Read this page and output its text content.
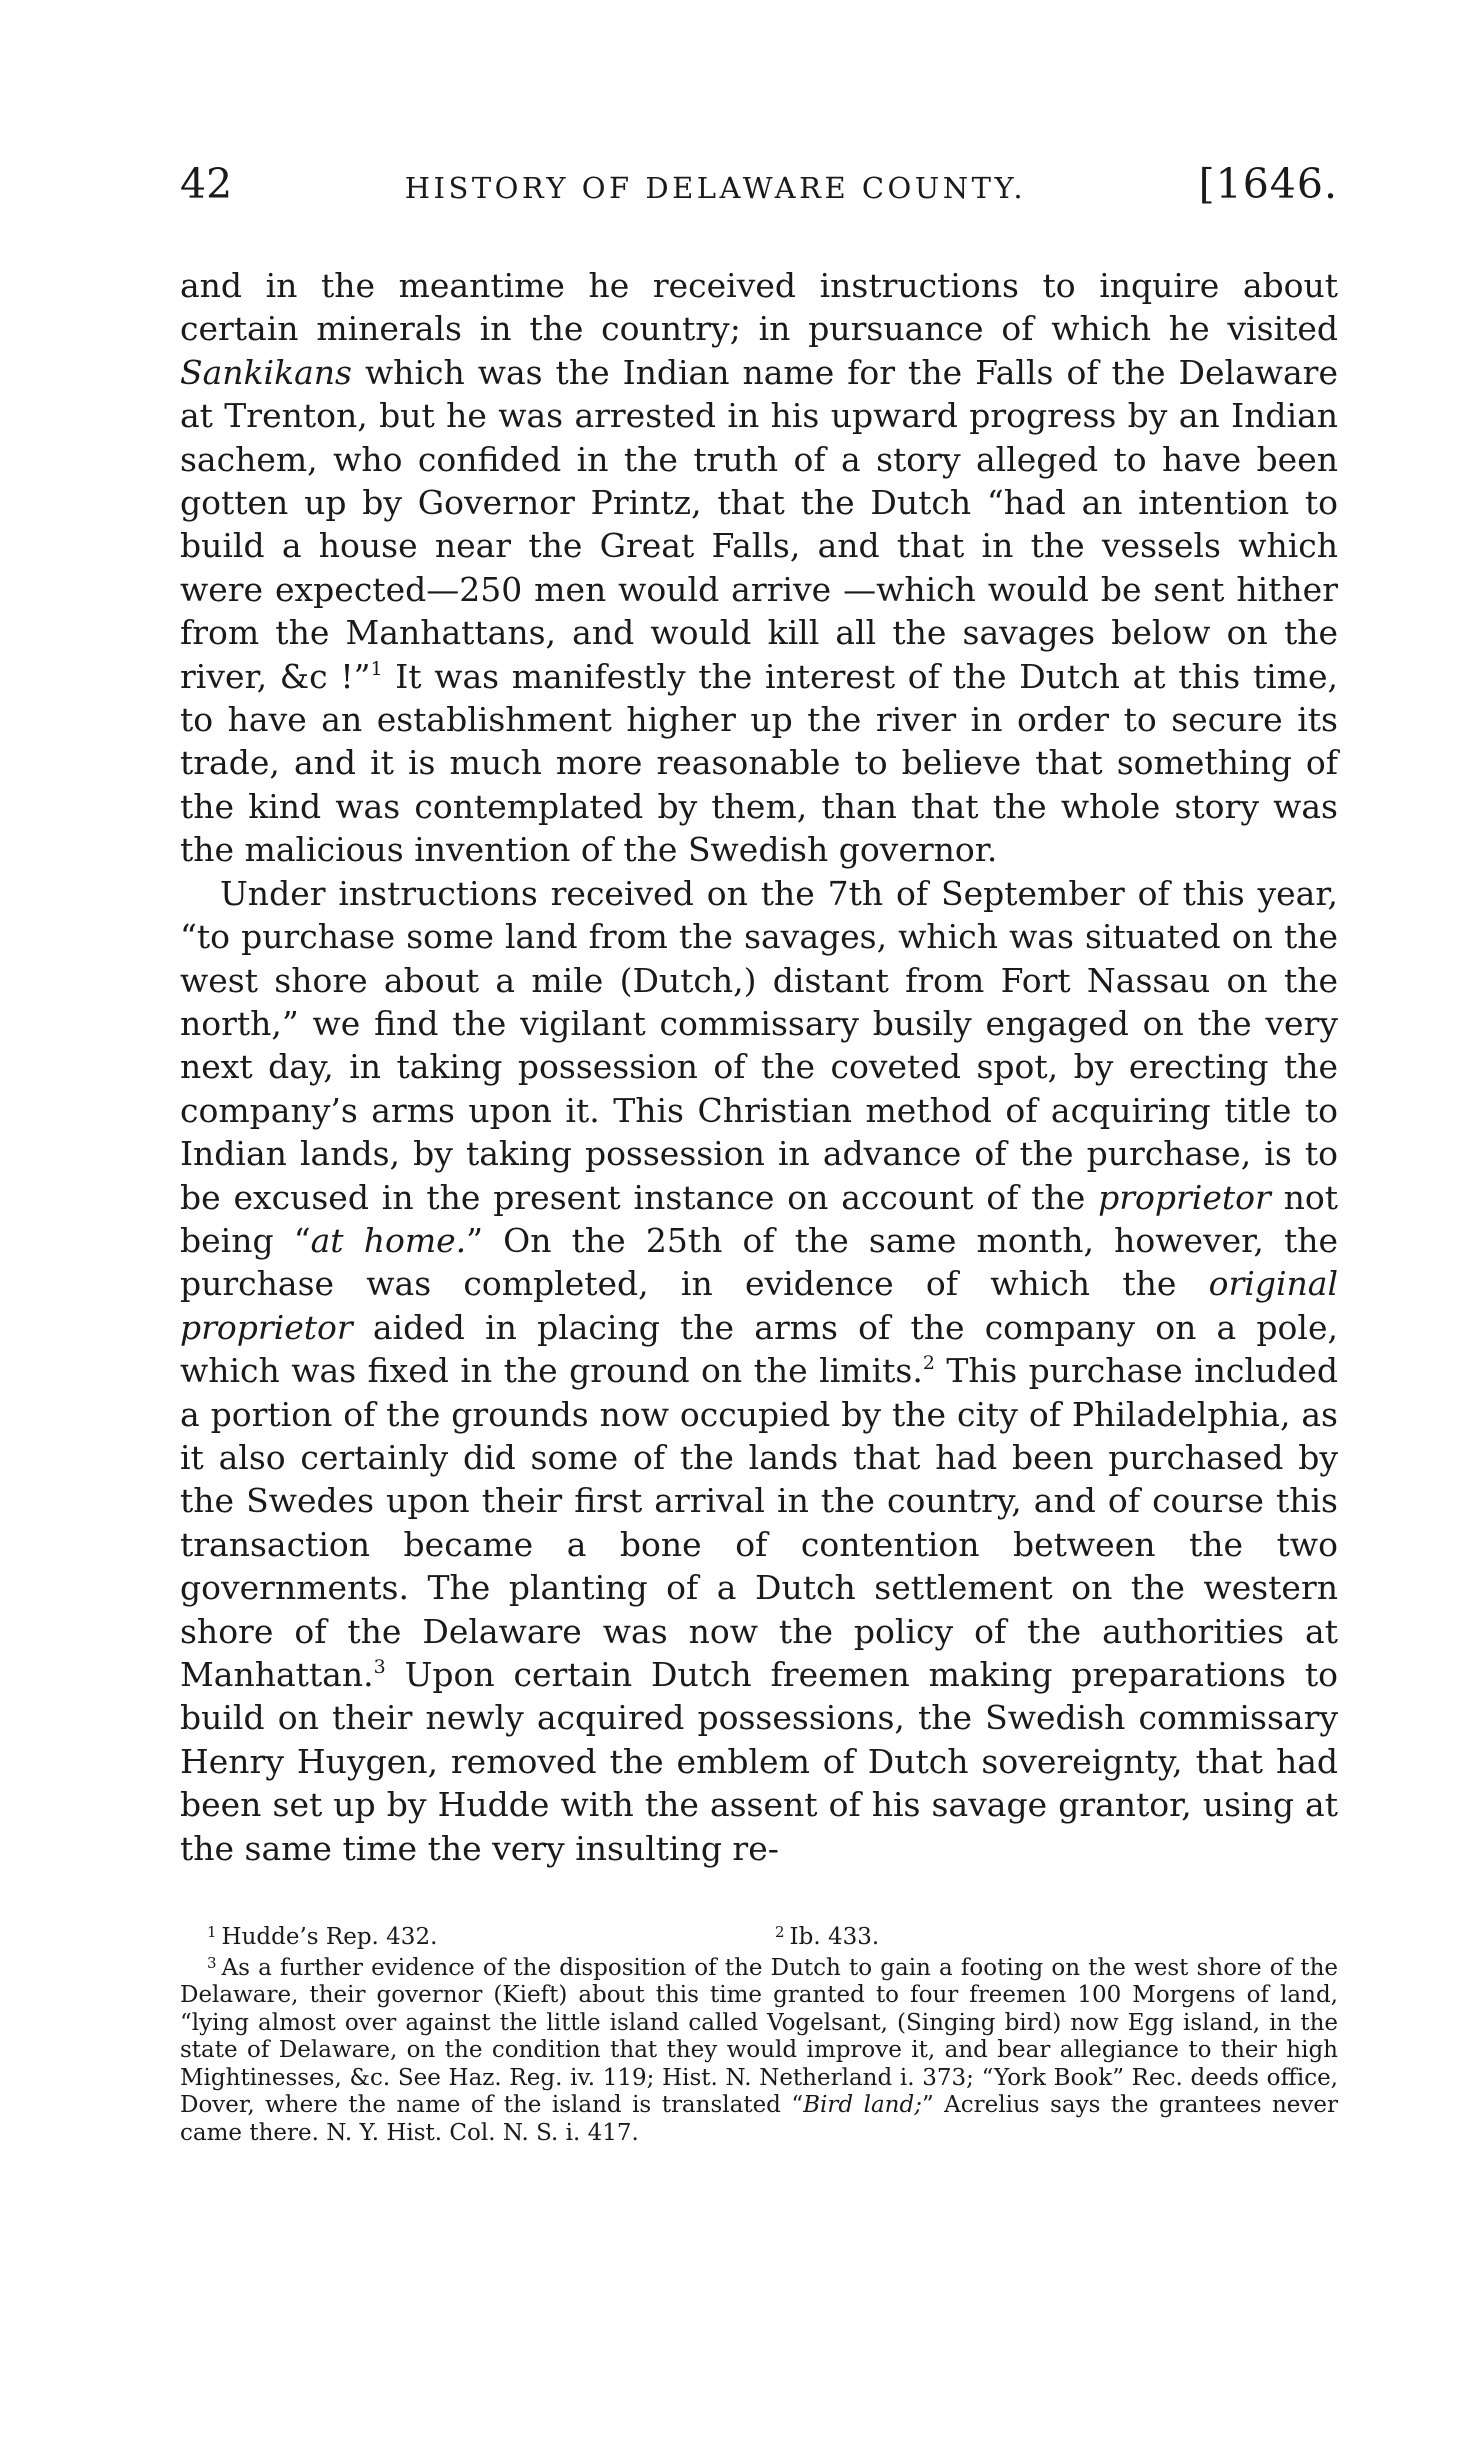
42	HISTORY OF DELAWARE COUNTY.	[1646.

and in the meantime he received instructions to inquire about certain minerals in the country; in pursuance of which he visited Sankikans which was the Indian name for the Falls of the Delaware at Trenton, but he was arrested in his upward progress by an Indian sachem, who confided in the truth of a story alleged to have been gotten up by Governor Printz, that the Dutch “had an intention to build a house near the Great Falls, and that in the vessels which were expected—250 men would arrive —which would be sent hither from the Manhattans, and would kill all the savages below on the river, &c !”$^1$ It was manifestly the interest of the Dutch at this time, to have an establishment higher up the river in order to secure its trade, and it is much more reasonable to believe that something of the kind was contemplated by them, than that the whole story was the malicious invention of the Swedish governor.

Under instructions received on the 7th of September of this year, “to purchase some land from the savages, which was situated on the west shore about a mile (Dutch,) distant from Fort Nassau on the north,” we find the vigilant commissary busily engaged on the very next day, in taking possession of the coveted spot, by erecting the company’s arms upon it. This Christian method of acquiring title to Indian lands, by taking possession in advance of the purchase, is to be excused in the present instance on account of the proprietor not being “at home.” On the 25th of the same month, however, the purchase was completed, in evidence of which the original proprietor aided in placing the arms of the company on a pole, which was fixed in the ground on the limits.$^2$ This purchase included a portion of the grounds now occupied by the city of Philadelphia, as it also certainly did some of the lands that had been purchased by the Swedes upon their first arrival in the country, and of course this transaction became a bone of contention between the two governments. The planting of a Dutch settlement on the western shore of the Delaware was now the policy of the authorities at Manhattan.$^3$ Upon certain Dutch freemen making preparations to build on their newly acquired possessions, the Swedish commissary Henry Huygen, removed the emblem of Dutch sovereignty, that had been set up by Hudde with the assent of his savage grantor, using at the same time the very insulting re-

$^1$ Hudde’s Rep. 432.	$^2$ Ib. 433.
$^3$ As a further evidence of the disposition of the Dutch to gain a footing on the west shore of the Delaware, their governor (Kieft) about this time granted to four freemen 100 Morgens of land, “lying almost over against the little island called Vogelsant, (Singing bird) now Egg island, in the state of Delaware, on the condition that they would improve it, and bear allegiance to their high Mightinesses, &c. See Haz. Reg. iv. 119; Hist. N. Netherland i. 373; “York Book” Rec. deeds office, Dover, where the name of the island is translated “Bird land;” Acrelius says the grantees never came there. N. Y. Hist. Col. N. S. i. 417.
